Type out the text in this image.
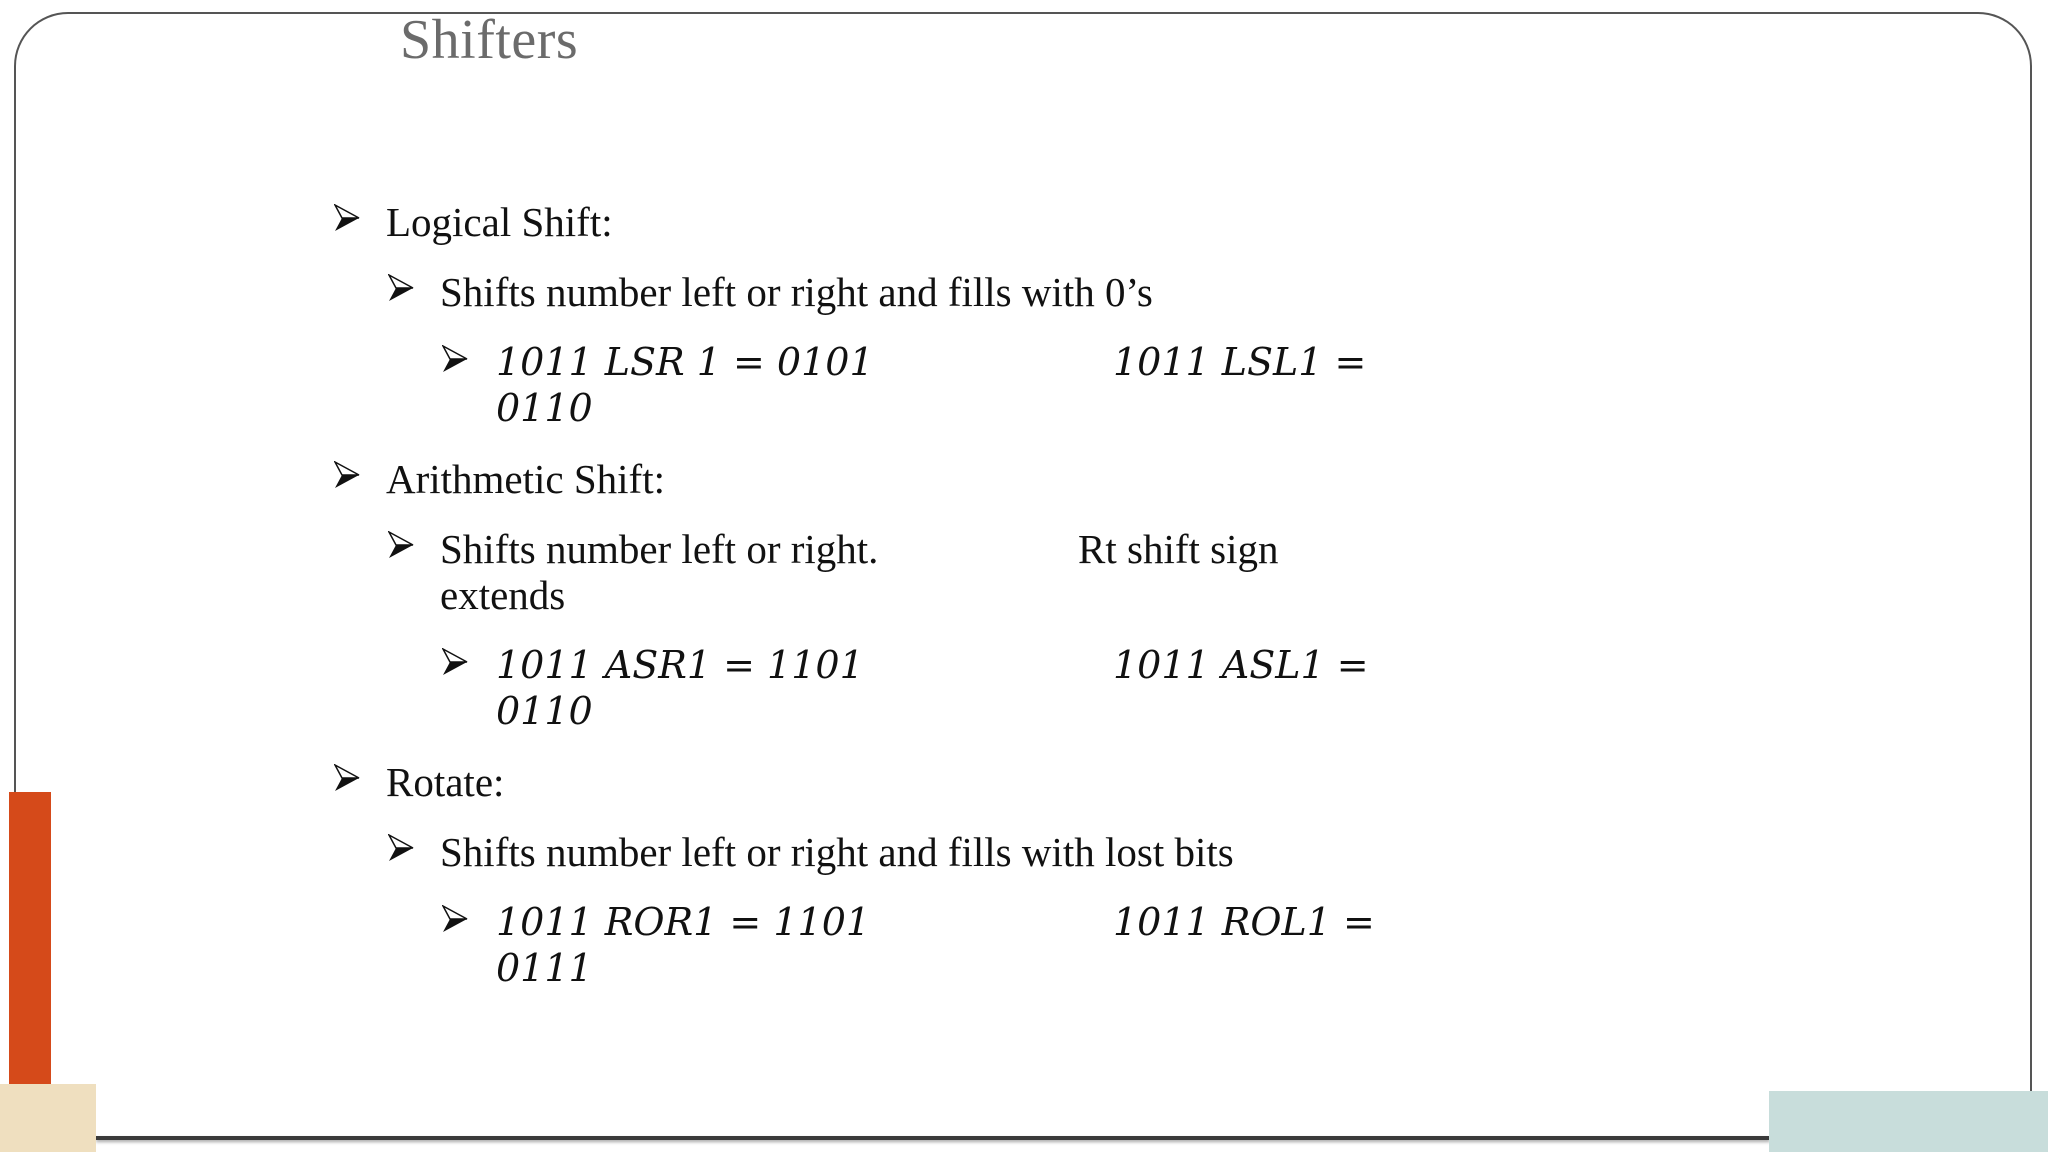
Shifters
Logical Shift:
Shifts number left or right and fills with 0’s
1011 LSR 1 = 0101	1011 LSL1 =
0110
Arithmetic Shift:
Shifts number left or right.	Rt shift sign
extends
1011 ASR1 = 1101	1011 ASL1 =
0110
Rotate:
Shifts number left or right and fills with lost bits
1011 ROR1 = 1101	1011 ROL1 =
0111
